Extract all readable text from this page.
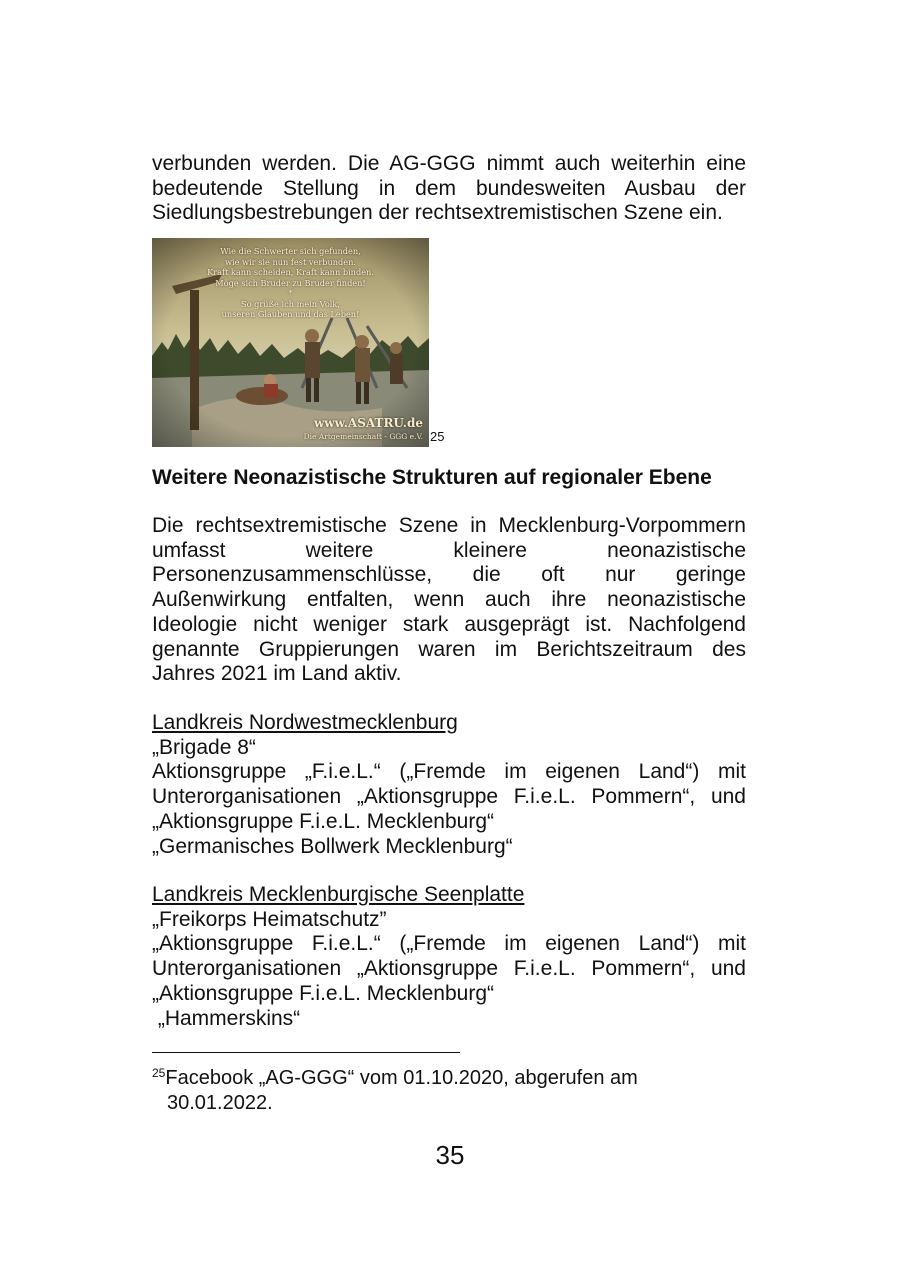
verbunden werden. Die AG-GGG nimmt auch weiterhin eine
bedeutende Stellung in dem bundesweiten Ausbau der
Siedlungsbestrebungen der rechtsextremistischen Szene ein.
Wie die Schwerter sich gefunden,
wie wir sie nun fest verbunden.
Kraft kann scheiden, Kraft kann binden.
Möge sich Bruder zu Bruder finden!
*
So grüße ich mein Volk,
unseren Glauben und das Leben!
www.ASATRU.de
Die Artgemeinschaft - GGG e.V. 25
Weitere Neonazistische Strukturen auf regionaler Ebene
Die rechtsextremistische Szene in Mecklenburg-Vorpommern
umfasst weitere kleinere neonazistische
Personenzusammenschlüsse, die oft nur geringe
Außenwirkung entfalten, wenn auch ihre neonazistische
Ideologie nicht weniger stark ausgeprägt ist. Nachfolgend
genannte Gruppierungen waren im Berichtszeitraum des
Jahres 2021 im Land aktiv.
Landkreis Nordwestmecklenburg
„Brigade 8“
Aktionsgruppe „F.i.e.L.“ („Fremde im eigenen Land“) mit
Unterorganisationen „Aktionsgruppe F.i.e.L. Pommern“, und
„Aktionsgruppe F.i.e.L. Mecklenburg“
„Germanisches Bollwerk Mecklenburg“
Landkreis Mecklenburgische Seenplatte
„Freikorps Heimatschutz”
„Aktionsgruppe F.i.e.L.“ („Fremde im eigenen Land“) mit
Unterorganisationen „Aktionsgruppe F.i.e.L. Pommern“, und
„Aktionsgruppe F.i.e.L. Mecklenburg“
„Hammerskins“
$^{25}$Facebook „AG-GGG“ vom 01.10.2020, abgerufen am
30.01.2022.
35
